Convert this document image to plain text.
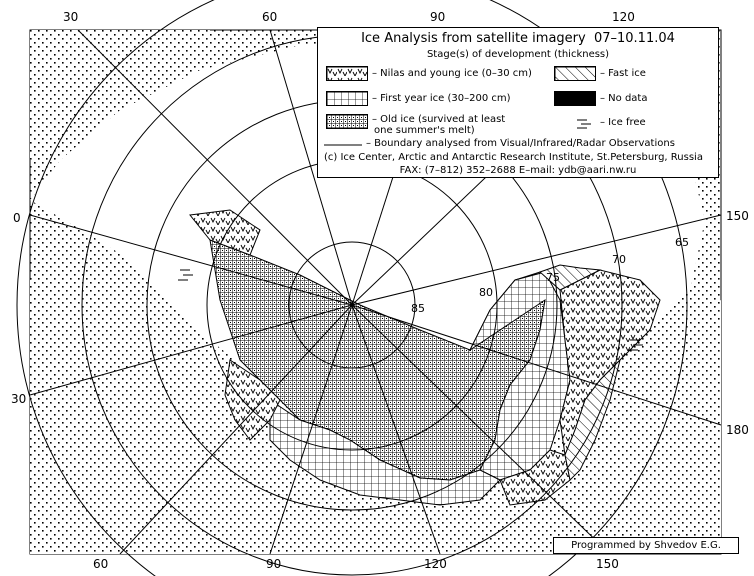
30	60	90	120
60	90	120	150
0
30
150
180
85
80
75
70
65
Ice Analysis from satellite imagery 07–10.11.04
Stage(s) of development (thickness)
– Nilas and young ice (0–30 cm)	– Fast ice
– First year ice (30–200 cm)	– No data
– Old ice (survived at least
one summer's melt)
– Ice free
– Boundary analysed from Visual/Infrared/Radar Observations
(c) Ice Center, Arctic and Antarctic Research Institute, St.Petersburg, Russia
FAX: (7–812) 352–2688 E–mail: ydb@aari.nw.ru
Programmed by Shvedov E.G.
